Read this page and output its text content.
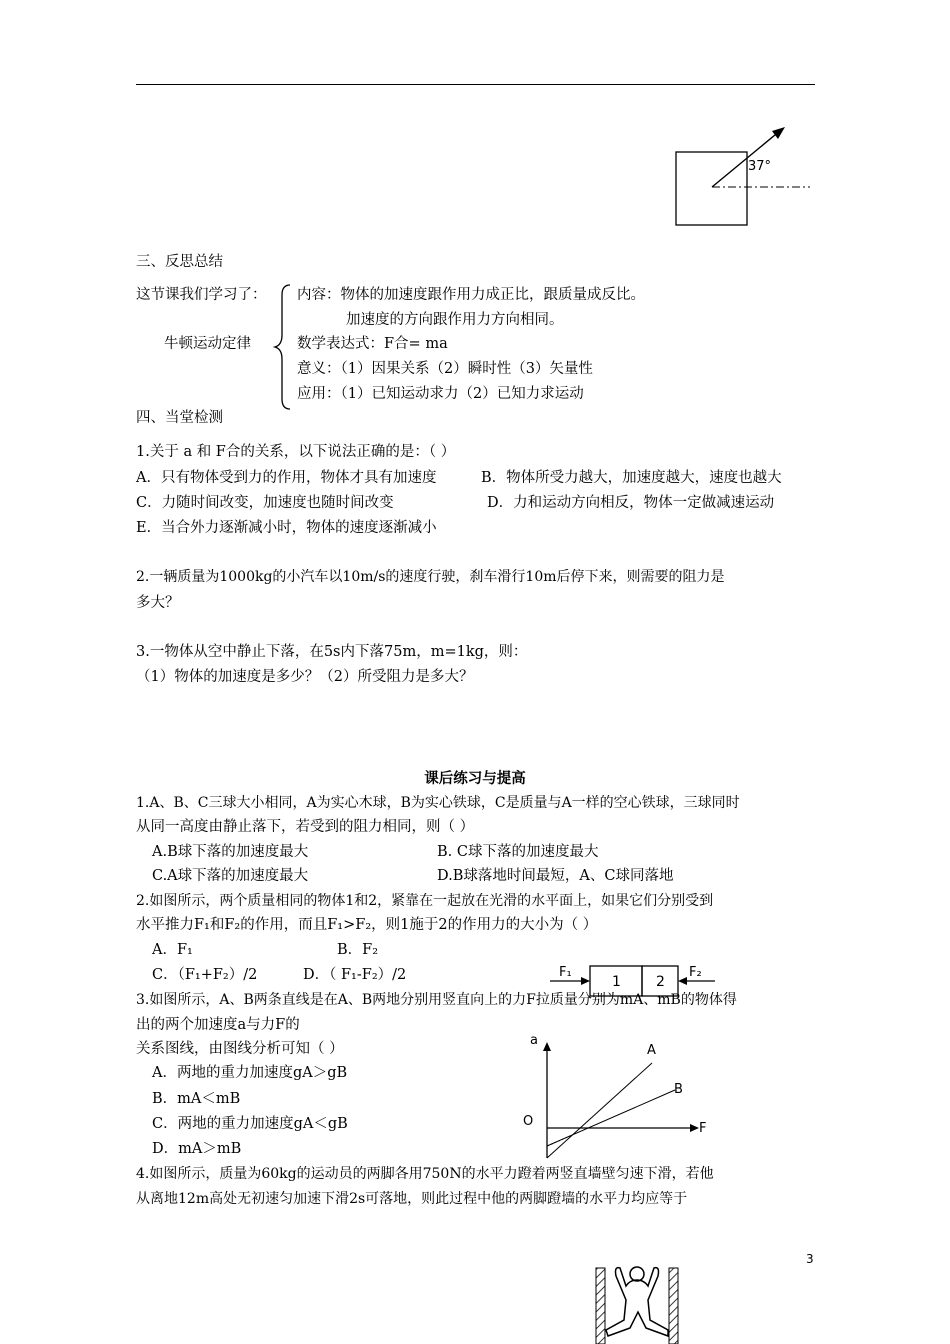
37°
三、反思总结
这节课我们学习了：
牛顿运动定律
内容：物体的加速度跟作用力成正比，跟质量成反比。
加速度的方向跟作用力方向相同。
数学表达式：F合= ma
意义：（1）因果关系（2）瞬时性（3）矢量性
应用：（1）已知运动求力（2）已知力求运动
四、当堂检测
1.关于 a 和 F合的关系，以下说法正确的是：（ ）
A．只有物体受到力的作用，物体才具有加速度	B．物体所受力越大，加速度越大，速度也越大
C．力随时间改变，加速度也随时间改变	D．力和运动方向相反，物体一定做减速运动
E．当合外力逐渐减小时，物体的速度逐渐减小
2.一辆质量为1000kg的小汽车以10m/s的速度行驶，刹车滑行10m后停下来，则需要的阻力是
多大？
3.一物体从空中静止下落，在5s内下落75m，m=1kg，则：
（1）物体的加速度是多少？（2）所受阻力是多大？
课后练习与提高
1.A、B、C三球大小相同，A为实心木球，B为实心铁球，C是质量与A一样的空心铁球，三球同时
从同一高度由静止落下，若受到的阻力相同，则（ ）
A.B球下落的加速度最大	B. C球下落的加速度最大
C.A球下落的加速度最大	D.B球落地时间最短，A、C球同落地
2.如图所示，两个质量相同的物体1和2，紧靠在一起放在光滑的水平面上，如果它们分别受到
水平推力F₁和F₂的作用，而且F₁>F₂，则1施于2的作用力的大小为（ ）
A．F₁	B．F₂
C．（F₁+F₂）/2	D．（ F₁-F₂）/2	F₁	F₂
1	2
3.如图所示，A、B两条直线是在A、B两地分别用竖直向上的力F拉质量分别为mA、mB的物体得
出的两个加速度a与力F的
关系图线，由图线分析可知（ ）
A．两地的重力加速度gA＞gB
B．mA＜mB
C．两地的重力加速度gA＜gB
D．mA＞mB
a
F
O
A
B
4.如图所示，质量为60kg的运动员的两脚各用750N的水平力蹬着两竖直墙壁匀速下滑，若他
从离地12m高处无初速匀加速下滑2s可落地，则此过程中他的两脚蹬墙的水平力均应等于
3
